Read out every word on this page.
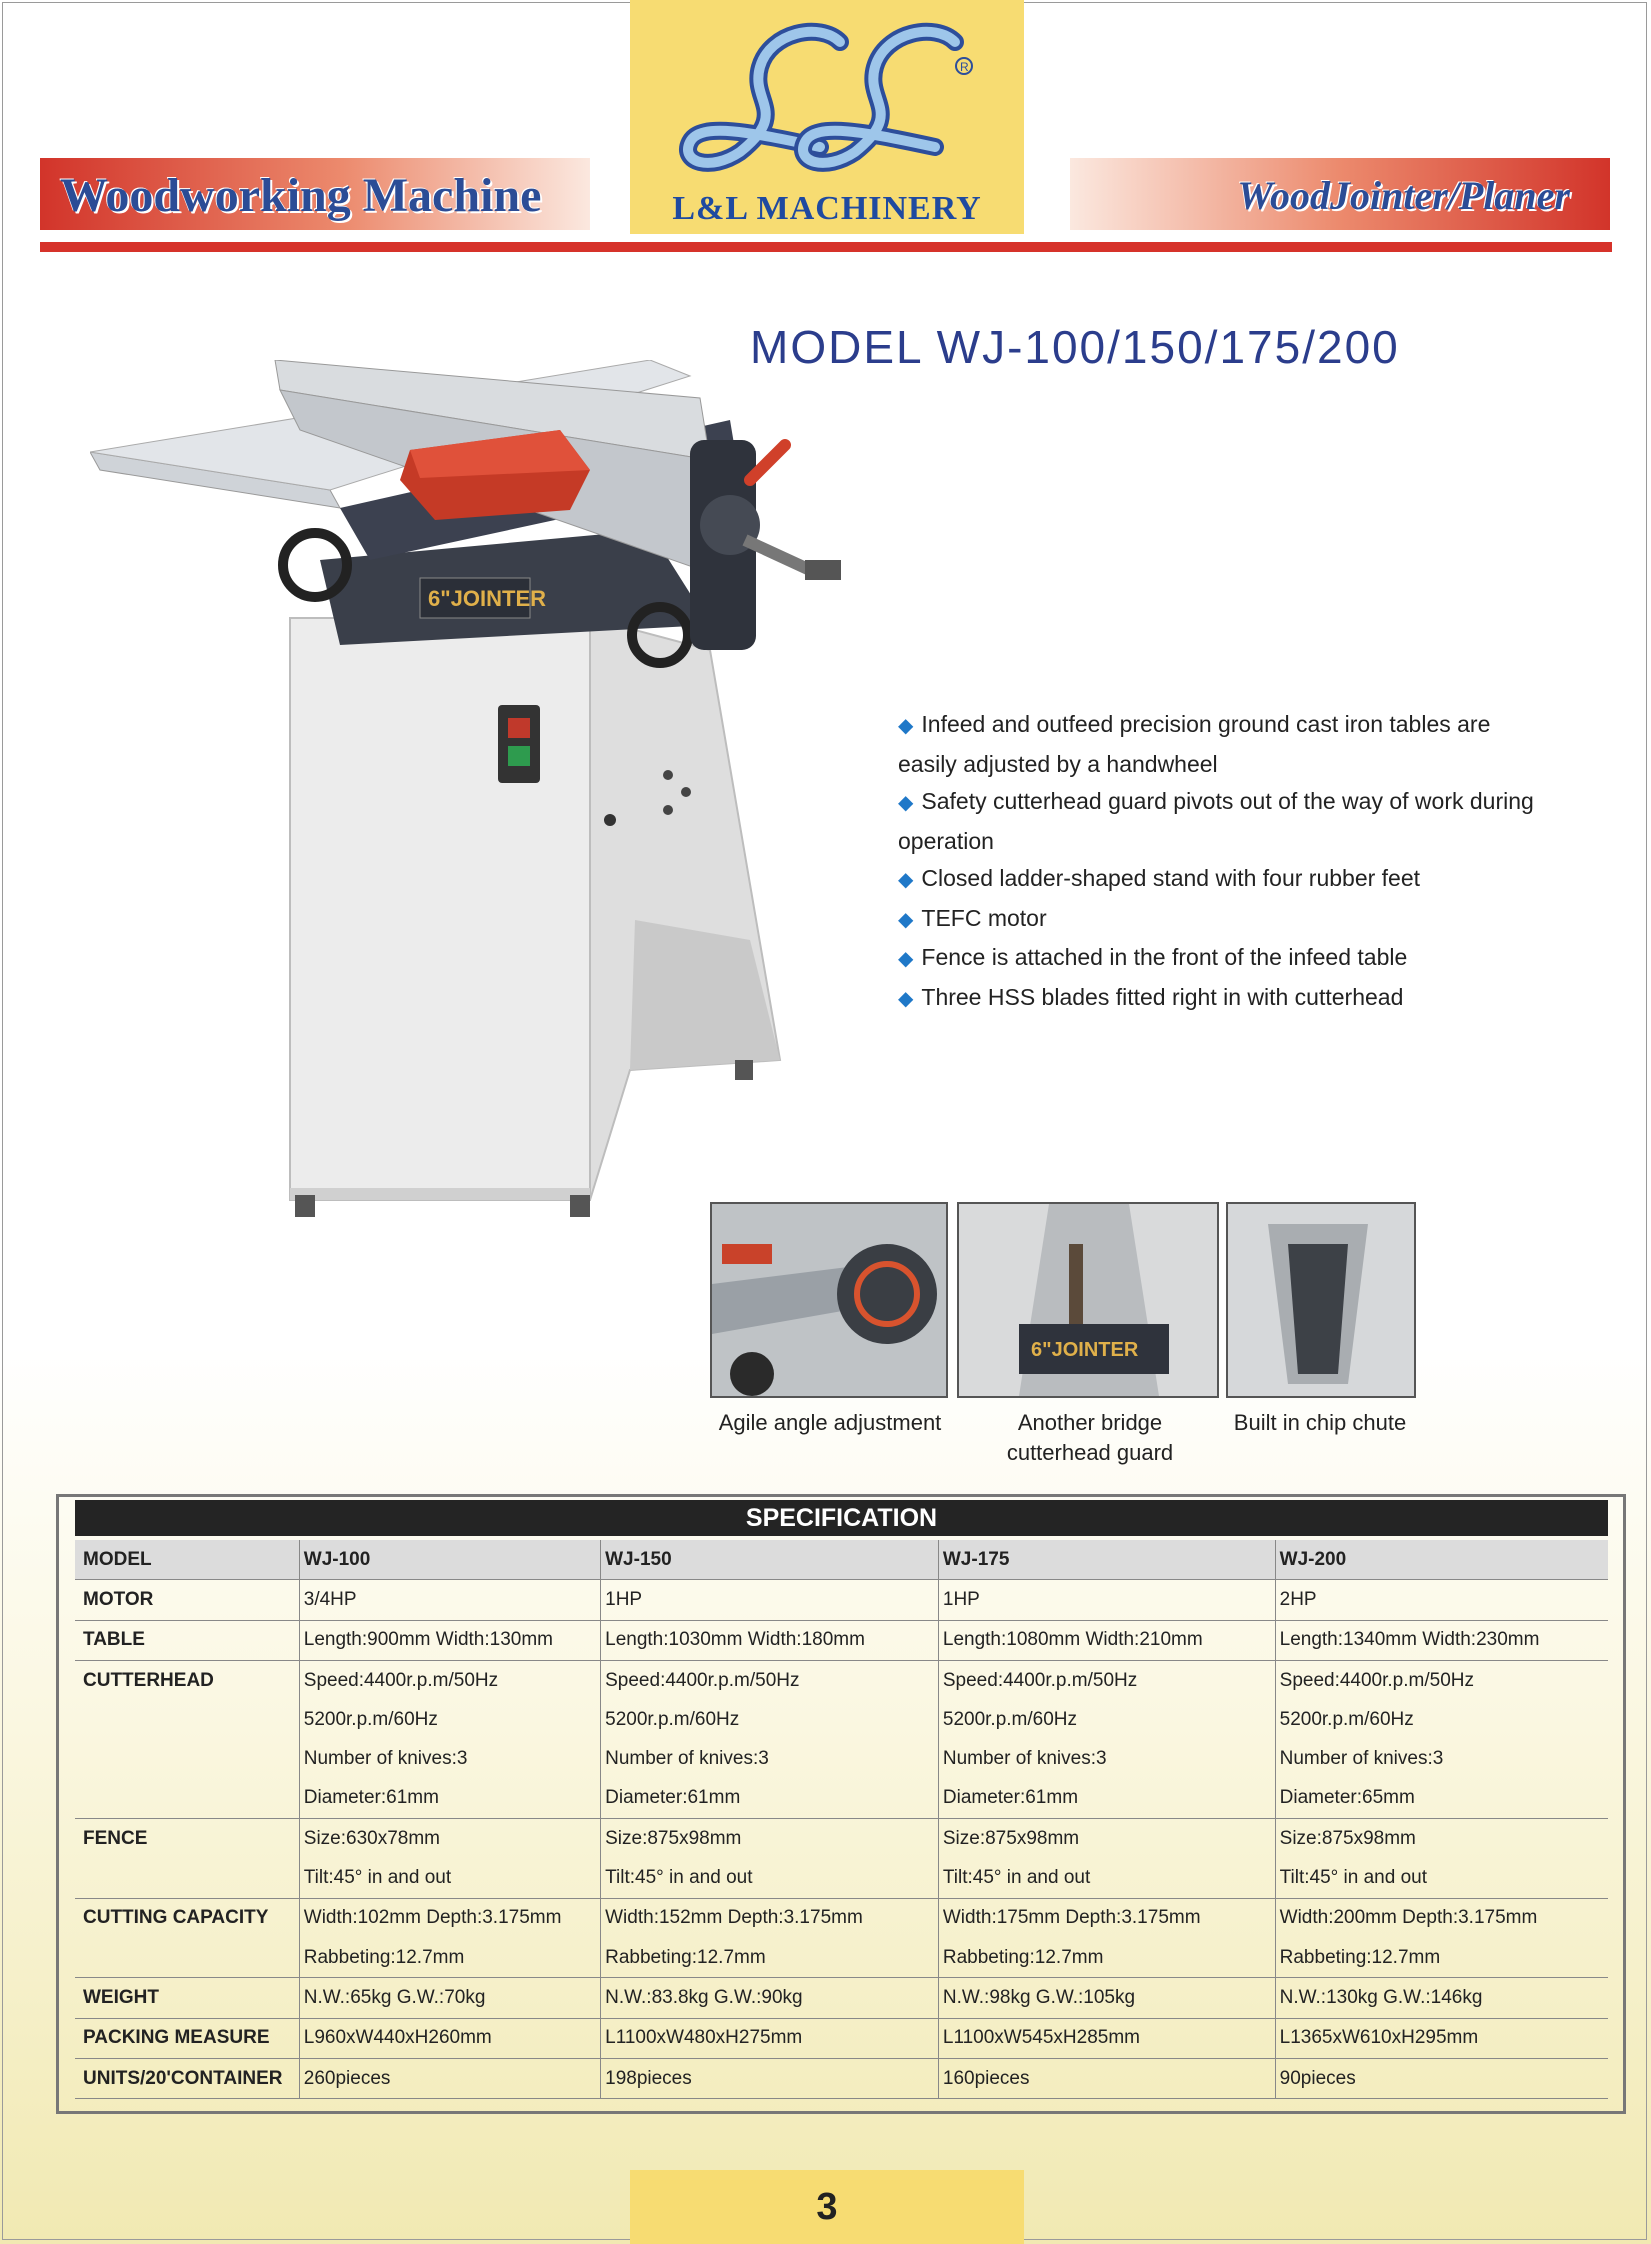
Woodworking Machine	WoodJointer/Planer
R
L&L MACHINERY
MODEL WJ-100/150/175/200
6"JOINTER

◆ Infeed and outfeed precision ground cast iron tables are easily adjusted by a handwheel

◆ Safety cutterhead guard pivots out of the way of work during operation

◆ Closed ladder-shaped stand with four rubber feet

◆ TEFC motor

◆ Fence is attached in the front of the infeed table

◆ Three HSS blades fitted right in with cutterhead

6"JOINTER
Agile angle adjustment	Another bridge
cutterhead guard
Built in chip chute
SPECIFICATION
MODEL	WJ-100	WJ-150	WJ-175	WJ-200
MOTOR	3/4HP	1HP	1HP	2HP
TABLE	Length:900mm Width:130mm	Length:1030mm Width:180mm	Length:1080mm Width:210mm	Length:1340mm Width:230mm
CUTTERHEAD	Speed:4400r.p.m/50Hz	Speed:4400r.p.m/50Hz	Speed:4400r.p.m/50Hz	Speed:4400r.p.m/50Hz
	5200r.p.m/60Hz	5200r.p.m/60Hz	5200r.p.m/60Hz	5200r.p.m/60Hz
	Number of knives:3	Number of knives:3	Number of knives:3	Number of knives:3
	Diameter:61mm	Diameter:61mm	Diameter:61mm	Diameter:65mm
FENCE	Size:630x78mm	Size:875x98mm	Size:875x98mm	Size:875x98mm
	Tilt:45° in and out	Tilt:45° in and out	Tilt:45° in and out	Tilt:45° in and out
CUTTING CAPACITY	Width:102mm Depth:3.175mm	Width:152mm Depth:3.175mm	Width:175mm Depth:3.175mm	Width:200mm Depth:3.175mm
	Rabbeting:12.7mm	Rabbeting:12.7mm	Rabbeting:12.7mm	Rabbeting:12.7mm
WEIGHT	N.W.:65kg G.W.:70kg	N.W.:83.8kg G.W.:90kg	N.W.:98kg G.W.:105kg	N.W.:130kg G.W.:146kg
PACKING MEASURE	L960xW440xH260mm	L1100xW480xH275mm	L1100xW545xH285mm	L1365xW610xH295mm
UNITS/20'CONTAINER	260pieces	198pieces	160pieces	90pieces
3
